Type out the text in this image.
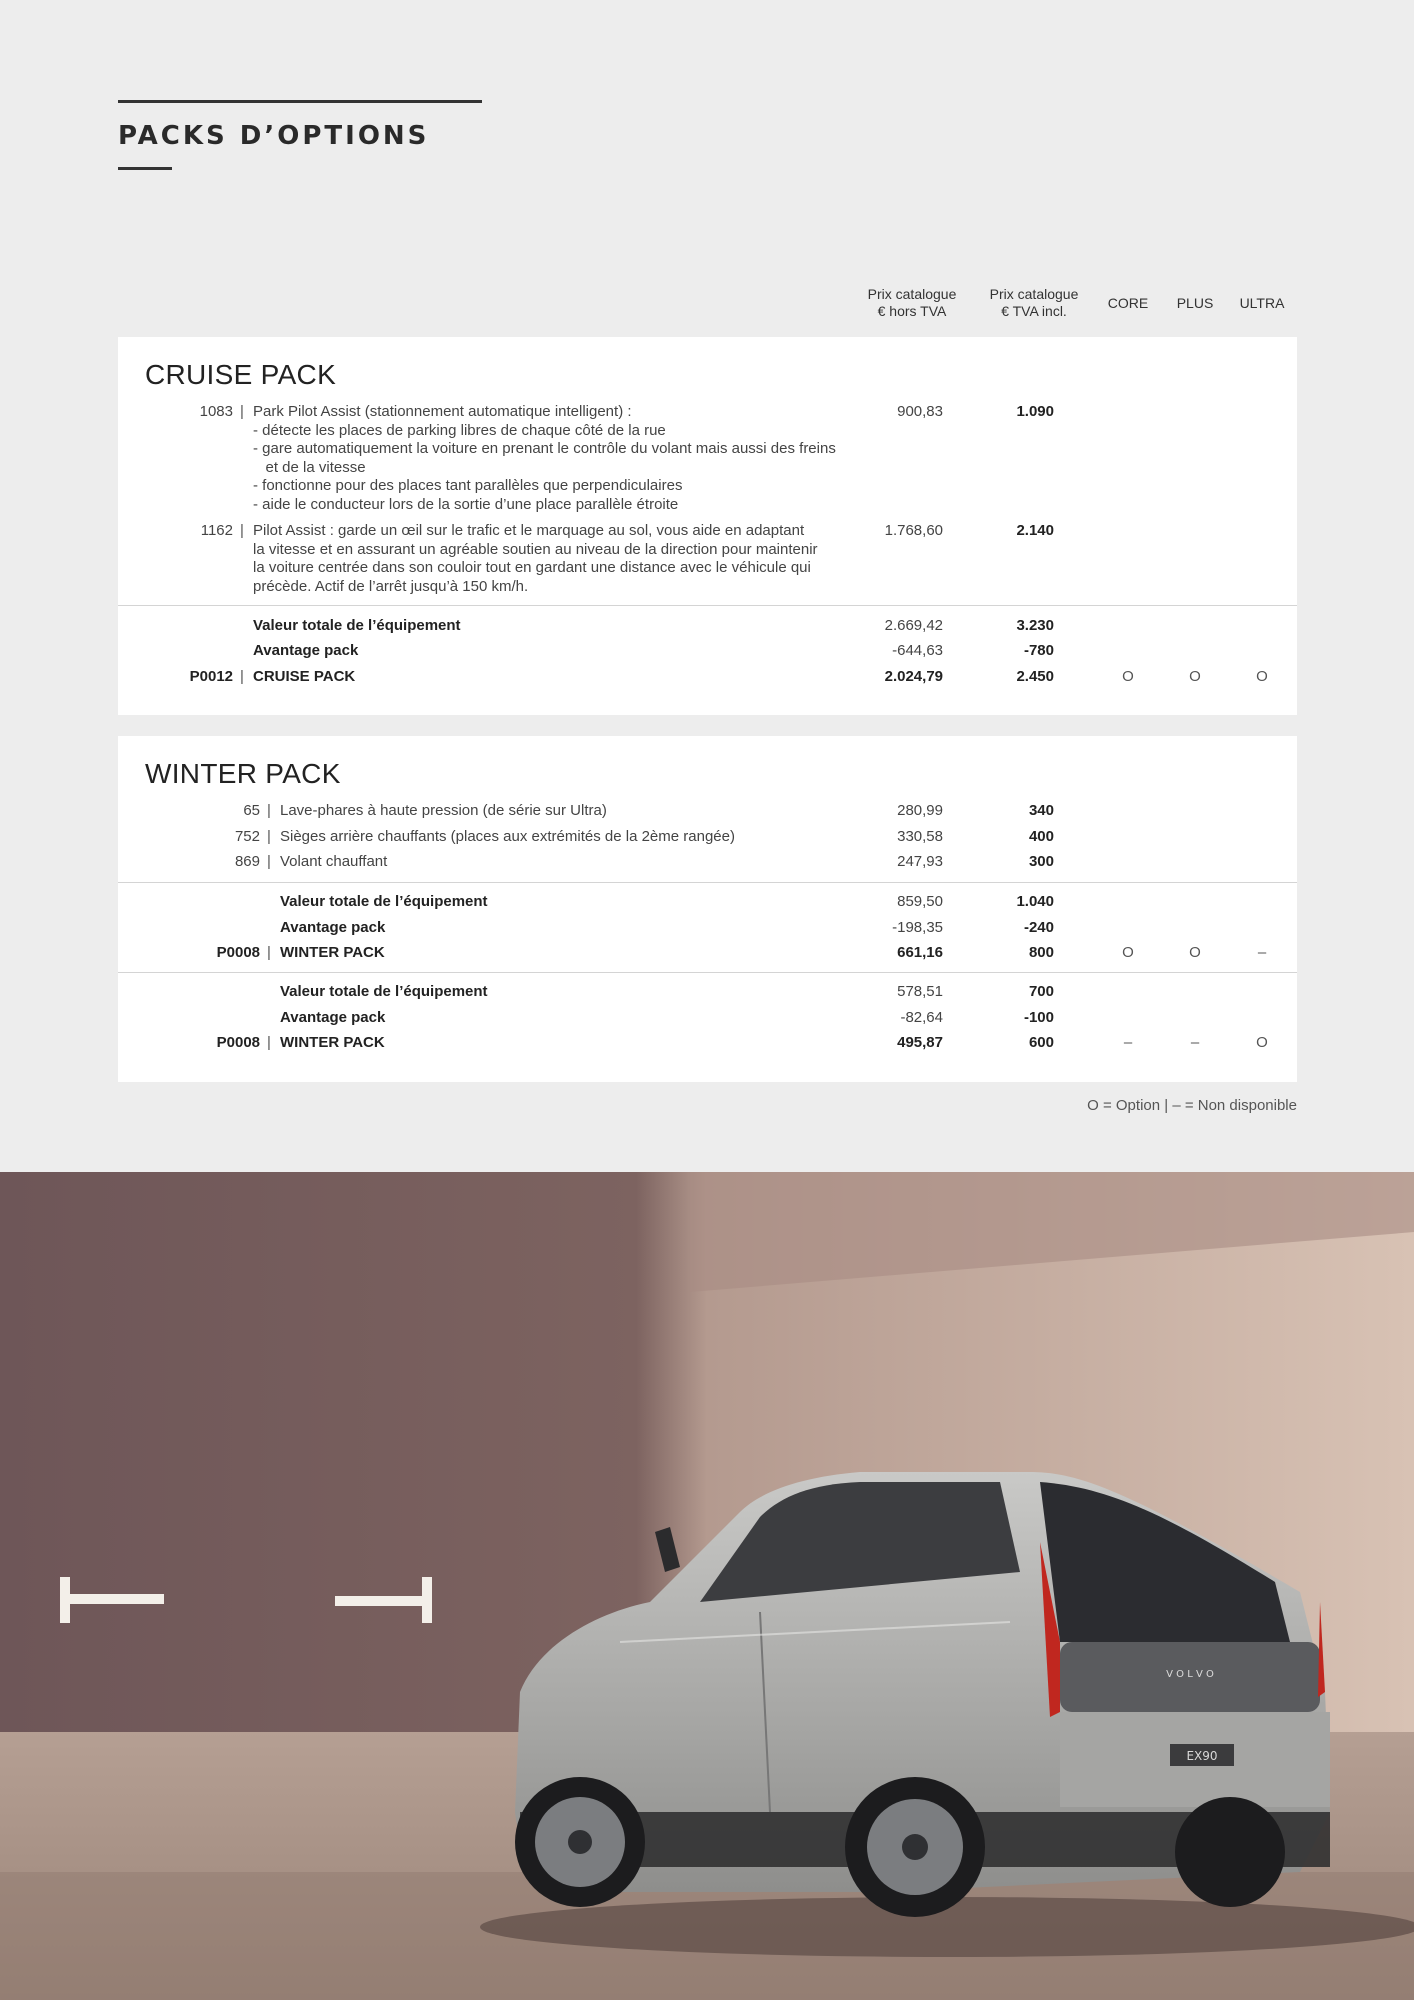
PACKS D’OPTIONS
Prix catalogue
€ hors TVA
Prix catalogue
€ TVA incl.	CORE	PLUS	ULTRA
CRUISE PACK
1083 | Park Pilot Assist (stationnement automatique intelligent) :
- détecte les places de parking libres de chaque côté de la rue
- gare automatiquement la voiture en prenant le contrôle du volant mais aussi des freins
et de la vitesse
- fonctionne pour des places tant parallèles que perpendiculaires
- aide le conducteur lors de la sortie d’une place parallèle étroite
900,83	1.090
1162 | Pilot Assist : garde un œil sur le trafic et le marquage au sol, vous aide en adaptant
la vitesse et en assurant un agréable soutien au niveau de la direction pour maintenir
la voiture centrée dans son couloir tout en gardant une distance avec le véhicule qui
précède. Actif de l’arrêt jusqu’à 150 km/h.
1.768,60	2.140
Valeur totale de l’équipement	2.669,42	3.230
Avantage pack	-644,63	-780
P0012 | CRUISE PACK	2.024,79	2.450	O	O	O
WINTER PACK
65 | Lave-phares à haute pression (de série sur Ultra)	280,99	340
752 | Sièges arrière chauffants (places aux extrémités de la 2ème rangée)	330,58	400
869 | Volant chauffant	247,93	300
Valeur totale de l’équipement	859,50	1.040
Avantage pack	-198,35	-240
P0008 | WINTER PACK	661,16	800	O	O	–
Valeur totale de l’équipement	578,51	700
Avantage pack	-82,64	-100
P0008 | WINTER PACK	495,87	600	–	–	O
O = Option | – = Non disponible
EX90
V O L V O
